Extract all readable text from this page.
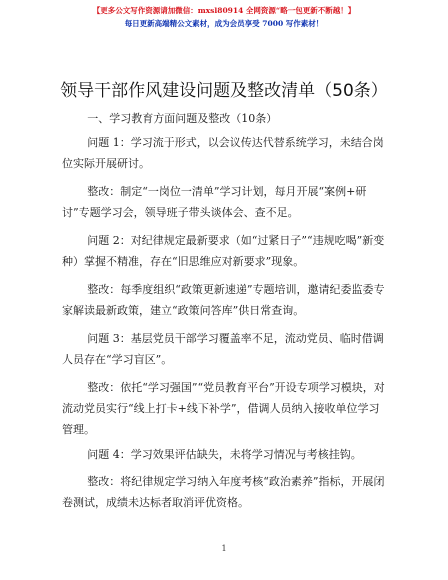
【更多公文写作资源请加微信：mxsl80914 全网资源“略一包更新不断越！】
每日更新高端精公文素材，成为会员享受 7000 写作素材！
领导干部作风建设问题及整改清单（50条）

一、学习教育方面问题及整改（10条）

问题 1：学习流于形式，以会议传达代替系统学习，未结合岗位实际开展研讨。

整改：制定“一岗位一清单”学习计划，每月开展“案例+研讨”专题学习会，领导班子带头谈体会、查不足。

问题 2：对纪律规定最新要求（如“过紧日子”“违规吃喝”新变种）掌握不精准，存在“旧思维应对新要求”现象。

整改：每季度组织“政策更新速递”专题培训，邀请纪委监委专家解读最新政策，建立“政策问答库”供日常查询。

问题 3：基层党员干部学习覆盖率不足，流动党员、临时借调人员存在“学习盲区”。

整改：依托“学习强国”“党员教育平台”开设专项学习模块，对流动党员实行“线上打卡+线下补学”，借调人员纳入接收单位学习管理。

问题 4：学习效果评估缺失，未将学习情况与考核挂钩。

整改：将纪律规定学习纳入年度考核“政治素养”指标，开展闭卷测试，成绩未达标者取消评优资格。

1
